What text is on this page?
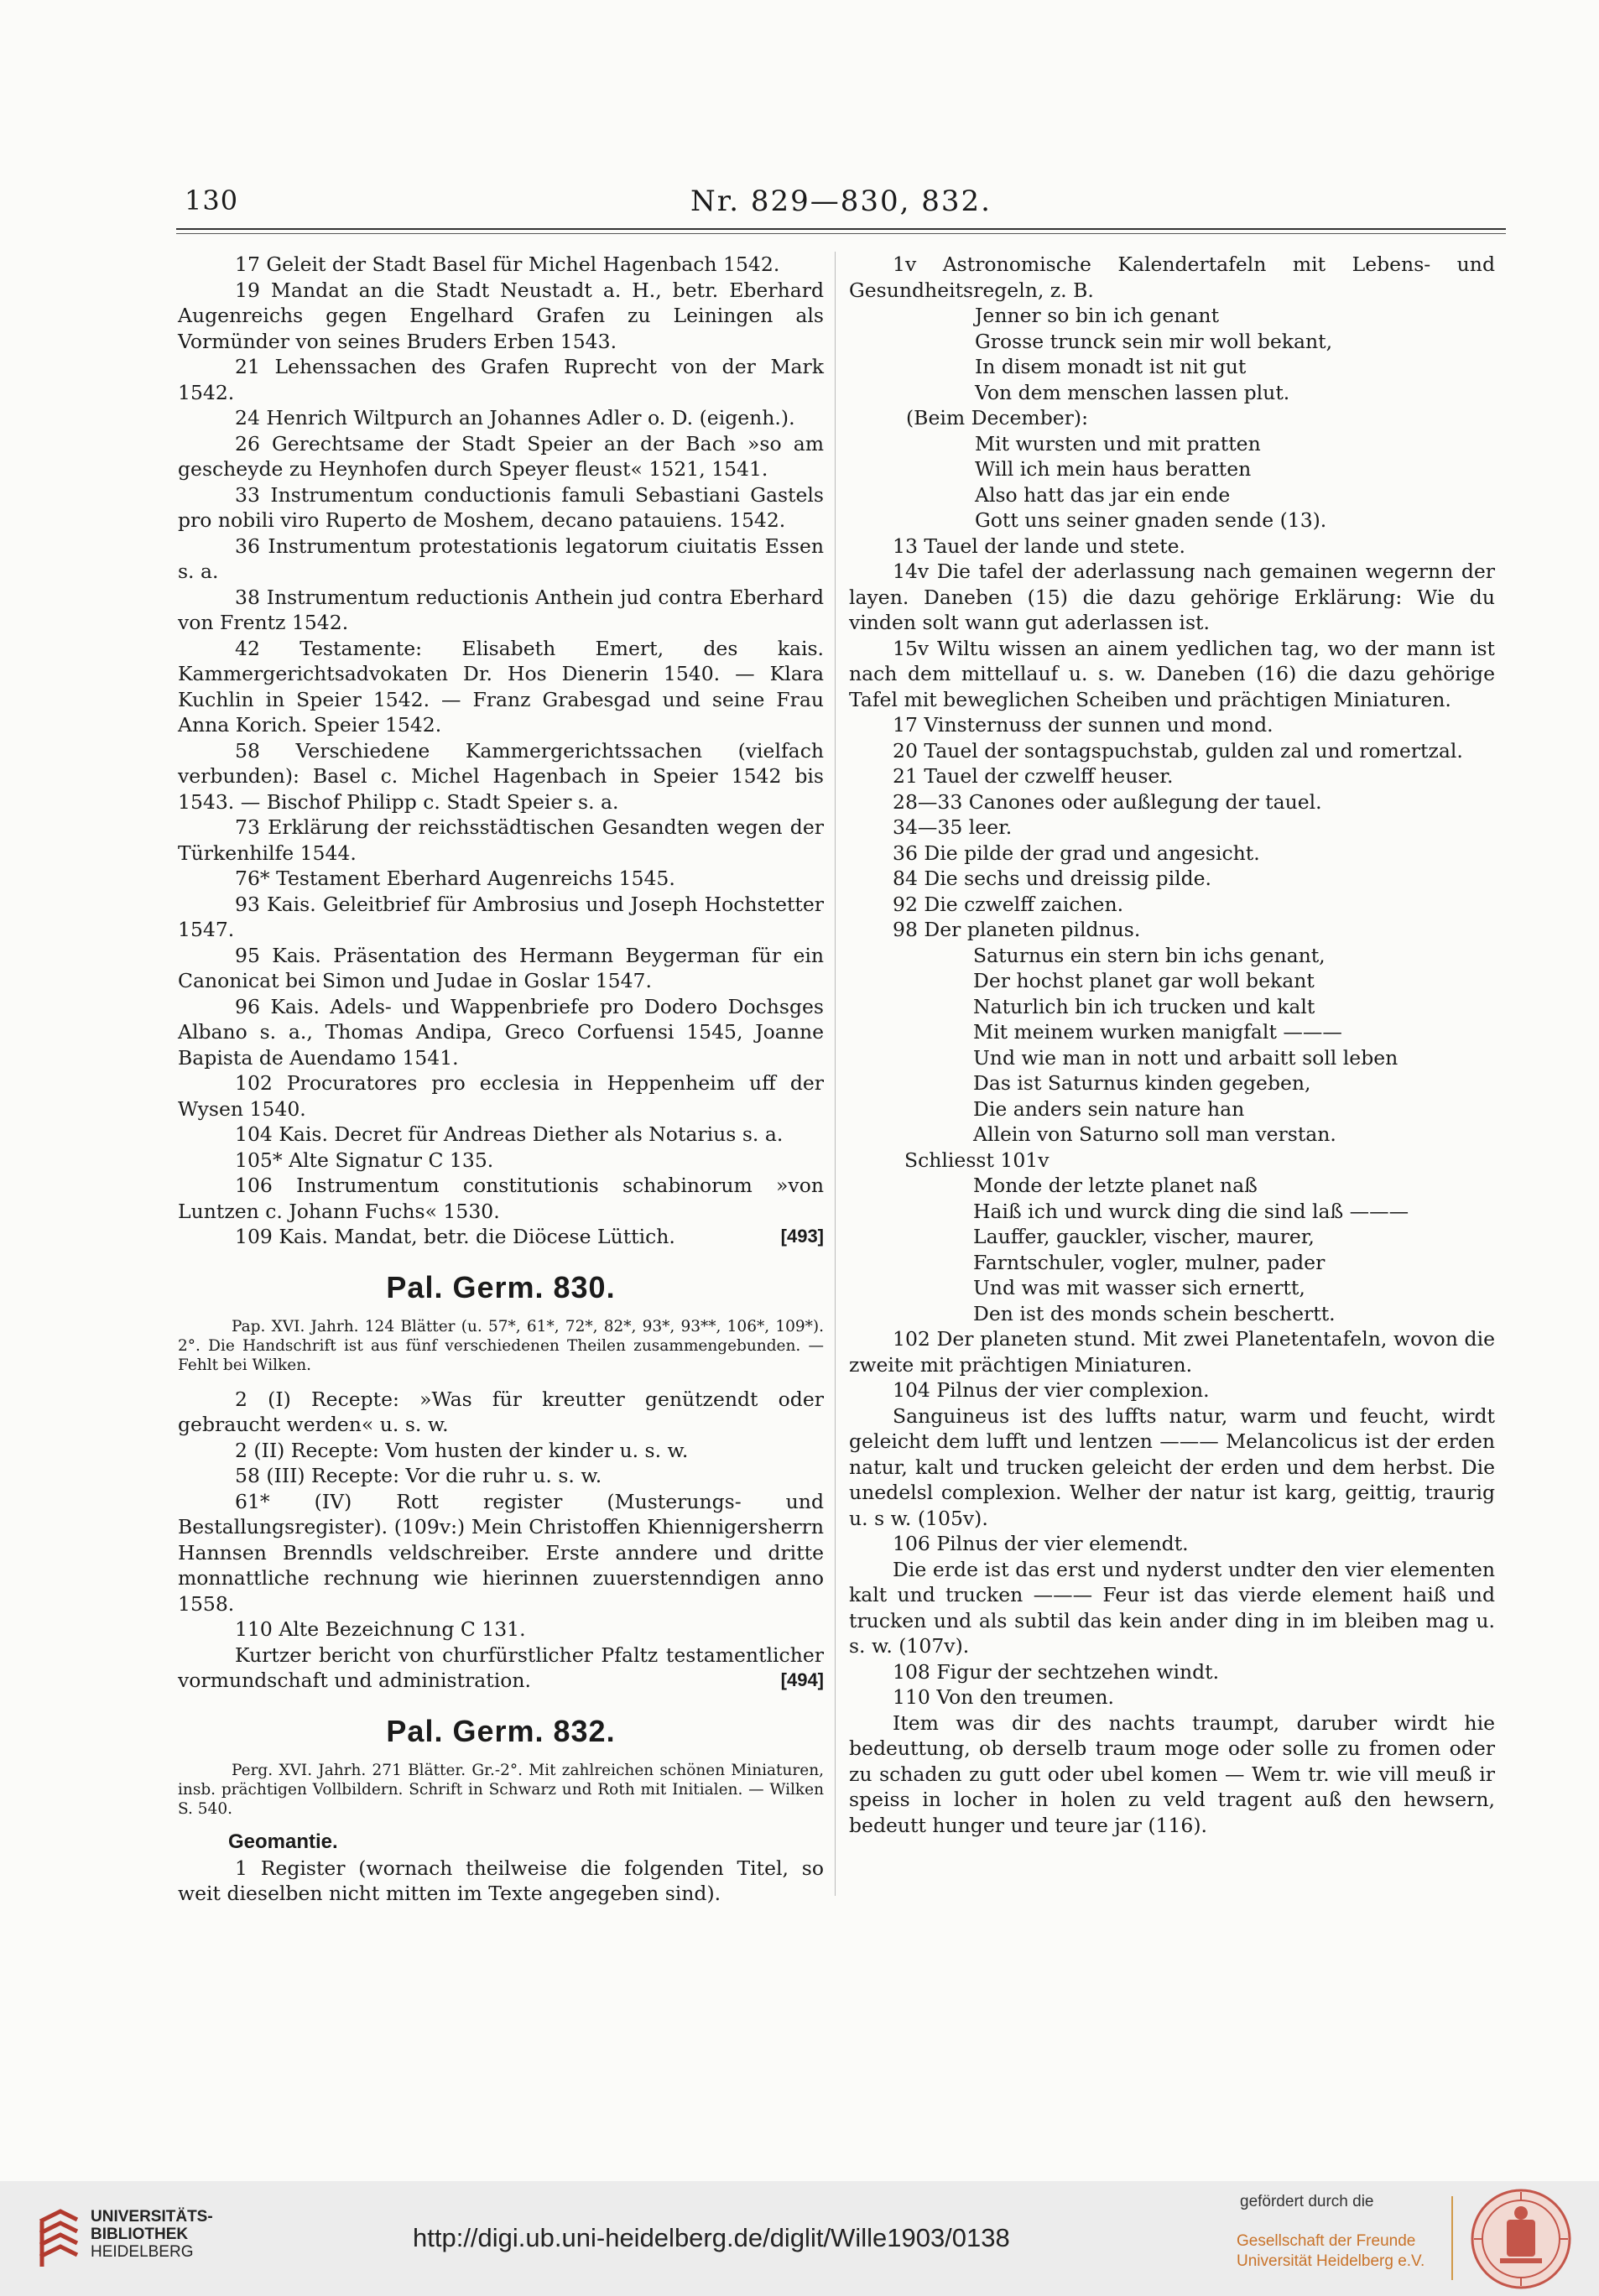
130	Nr. 829—830, 832.

17 Geleit der Stadt Basel für Michel Hagenbach 1542.

19 Mandat an die Stadt Neustadt a. H., betr. Eberhard Augenreichs gegen Engelhard Grafen zu Leiningen als Vormünder von seines Bruders Erben 1543.

21 Lehenssachen des Grafen Ruprecht von der Mark 1542.

24 Henrich Wiltpurch an Johannes Adler o. D. (eigenh.).

26 Gerechtsame der Stadt Speier an der Bach »so am gescheyde zu Heynhofen durch Speyer fleust« 1521, 1541.

33 Instrumentum conductionis famuli Sebastiani Gastels pro nobili viro Ruperto de Moshem, decano patauiens. 1542.

36 Instrumentum protestationis legatorum ciuitatis Essen s. a.

38 Instrumentum reductionis Anthein jud contra Eberhard von Frentz 1542.

42 Testamente: Elisabeth Emert, des kais. Kammergerichtsadvokaten Dr. Hos Dienerin 1540. — Klara Kuchlin in Speier 1542. — Franz Grabesgad und seine Frau Anna Korich. Speier 1542.

58 Verschiedene Kammergerichtssachen (vielfach verbunden): Basel c. Michel Hagenbach in Speier 1542 bis 1543. — Bischof Philipp c. Stadt Speier s. a.

73 Erklärung der reichsstädtischen Gesandten wegen der Türkenhilfe 1544.

76* Testament Eberhard Augenreichs 1545.

93 Kais. Geleitbrief für Ambrosius und Joseph Hochstetter 1547.

95 Kais. Präsentation des Hermann Beygerman für ein Canonicat bei Simon und Judae in Goslar 1547.

96 Kais. Adels- und Wappenbriefe pro Dodero Dochsges Albano s. a., Thomas Andipa, Greco Corfuensi 1545, Joanne Bapista de Auendamo 1541.

102 Procuratores pro ecclesia in Heppenheim uff der Wysen 1540.

104 Kais. Decret für Andreas Diether als Notarius s. a.

105* Alte Signatur C 135.

106 Instrumentum constitutionis schabinorum »von Luntzen c. Johann Fuchs« 1530.

109 Kais. Mandat, betr. die Diöcese Lüttich.	[493]

Pal. Germ. 830.
Pap. XVI. Jahrh. 124 Blätter (u. 57*, 61*, 72*, 82*, 93*, 93**, 106*, 109*). 2°. Die Handschrift ist aus fünf verschiedenen Theilen zusammengebunden. — Fehlt bei Wilken.

2 (I) Recepte: »Was für kreutter genützendt oder gebraucht werden« u. s. w.

2 (II) Recepte: Vom husten der kinder u. s. w.

58 (III) Recepte: Vor die ruhr u. s. w.

61* (IV) Rott register (Musterungs- und Bestallungsregister). (109v:) Mein Christoffen Khiennigersherrn Hannsen Brenndls veldschreiber. Erste anndere und dritte monnattliche rechnung wie hierinnen zuuerstenndigen anno 1558.

110 Alte Bezeichnung C 131.

Kurtzer bericht von churfürstlicher Pfaltz testamentlicher vormundschaft und administration.	[494]

Pal. Germ. 832.
Perg. XVI. Jahrh. 271 Blätter. Gr.-2°. Mit zahlreichen schönen Miniaturen, insb. prächtigen Vollbildern. Schrift in Schwarz und Roth mit Initialen. — Wilken S. 540.
Geomantie.

1 Register (wornach theilweise die folgenden Titel, so weit dieselben nicht mitten im Texte angegeben sind).

1v Astronomische Kalendertafeln mit Lebens- und Gesundheitsregeln, z. B.

Jenner so bin ich genant

Grosse trunck sein mir woll bekant,

In disem monadt ist nit gut

Von dem menschen lassen plut.

(Beim December):

Mit wursten und mit pratten

Will ich mein haus beratten

Also hatt das jar ein ende

Gott uns seiner gnaden sende (13).

13 Tauel der lande und stete.

14v Die tafel der aderlassung nach gemainen wegernn der layen. Daneben (15) die dazu gehörige Erklärung: Wie du vinden solt wann gut aderlassen ist.

15v Wiltu wissen an ainem yedlichen tag, wo der mann ist nach dem mittellauf u. s. w. Daneben (16) die dazu gehörige Tafel mit beweglichen Scheiben und prächtigen Miniaturen.

17 Vinsternuss der sunnen und mond.

20 Tauel der sontagspuchstab, gulden zal und romertzal.

21 Tauel der czwelff heuser.

28—33 Canones oder außlegung der tauel.

34—35 leer.

36 Die pilde der grad und angesicht.

84 Die sechs und dreissig pilde.

92 Die czwelff zaichen.

98 Der planeten pildnus.

Saturnus ein stern bin ichs genant,

Der hochst planet gar woll bekant

Naturlich bin ich trucken und kalt

Mit meinem wurken manigfalt ———

Und wie man in nott und arbaitt soll leben

Das ist Saturnus kinden gegeben,

Die anders sein nature han

Allein von Saturno soll man verstan.

Schliesst 101v

Monde der letzte planet naß

Haiß ich und wurck ding die sind laß ———

Lauffer, gauckler, vischer, maurer,

Farntschuler, vogler, mulner, pader

Und was mit wasser sich ernertt,

Den ist des monds schein beschertt.

102 Der planeten stund. Mit zwei Planetentafeln, wovon die zweite mit prächtigen Miniaturen.

104 Pilnus der vier complexion.

Sanguineus ist des luffts natur, warm und feucht, wirdt geleicht dem lufft und lentzen ——— Melancolicus ist der erden natur, kalt und trucken geleicht der erden und dem herbst. Die unedelsl complexion. Welher der natur ist karg, geittig, traurig u. s w. (105v).

106 Pilnus der vier elemendt.

Die erde ist das erst und nyderst undter den vier elementen kalt und trucken ——— Feur ist das vierde element haiß und trucken und als subtil das kein ander ding in im bleiben mag u. s. w. (107v).

108 Figur der sechtzehen windt.

110 Von den treumen.

Item was dir des nachts traumpt, daruber wirdt hie bedeuttung, ob derselb traum moge oder solle zu fromen oder zu schaden zu gutt oder ubel komen — Wem tr. wie vill meuß ir speiss in locher in holen zu veld tragent auß den hewsern, bedeutt hunger und teure jar (116).

UNIVERSITÄTS-
BIBLIOTHEK
HEIDELBERG	http://digi.ub.uni-heidelberg.de/diglit/Wille1903/0138
gefördert durch die
Gesellschaft der Freunde
Universität Heidelberg e.V.
